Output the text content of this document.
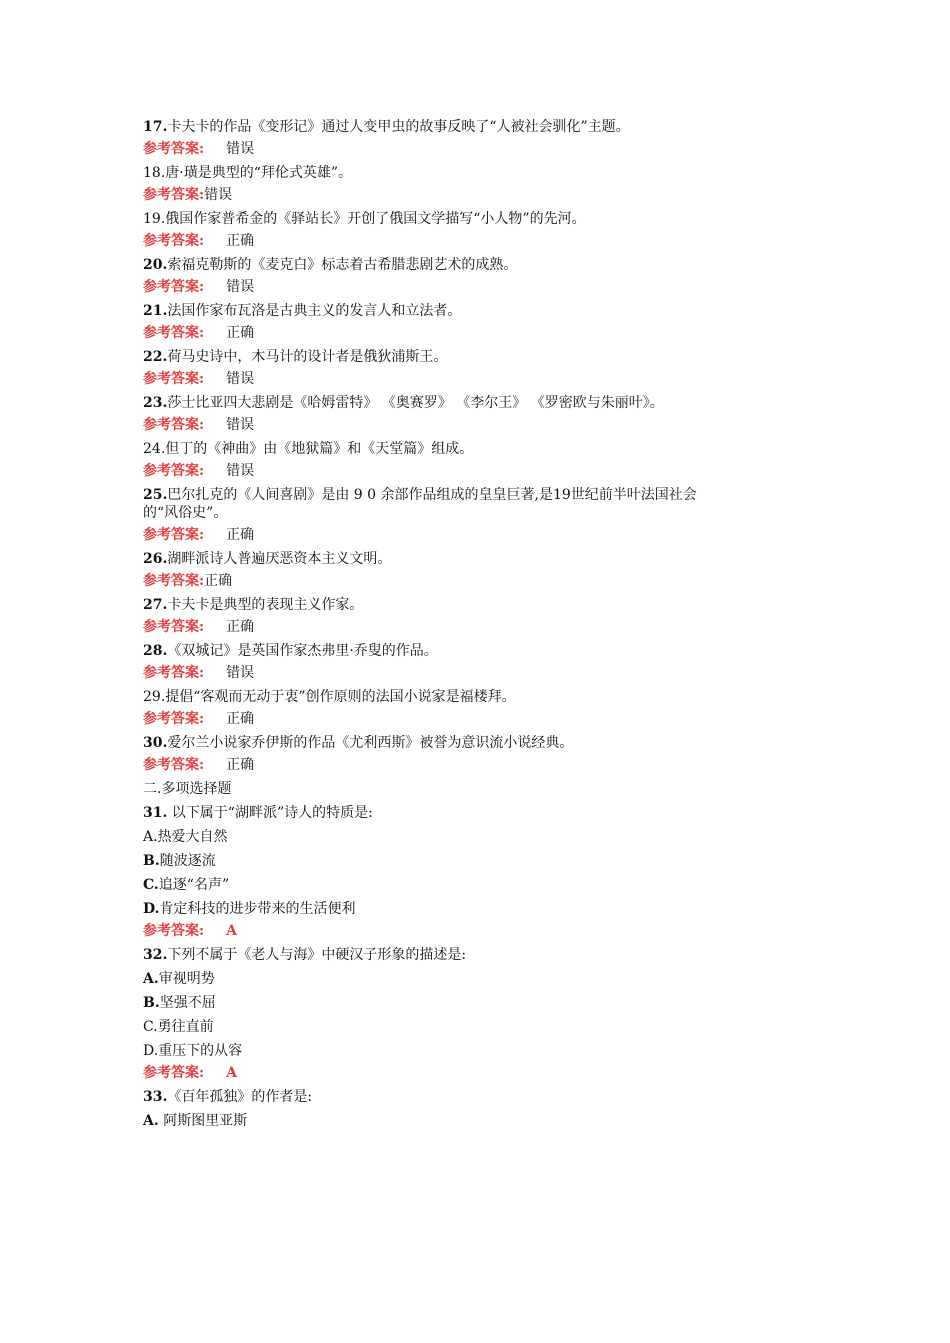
17.卡夫卡的作品《变形记》通过人变甲虫的故事反映了“人被社会驯化”主题。
参考答案: 错误
18.唐·璜是典型的“拜伦式英雄”。
参考答案:错误
19.俄国作家普希金的《驿站长》开创了俄国文学描写“小人物”的先河。
参考答案: 正确
20.索福克勒斯的《麦克白》标志着古希腊悲剧艺术的成熟。
参考答案: 错误
21.法国作家布瓦洛是古典主义的发言人和立法者。
参考答案: 正确
22.荷马史诗中，木马计的设计者是俄狄浦斯王。
参考答案: 错误
23.莎士比亚四大悲剧是《哈姆雷特》 《奥赛罗》 《李尔王》 《罗密欧与朱丽叶》。
参考答案: 错误
24.但丁的《神曲》由《地狱篇》和《天堂篇》组成。
参考答案: 错误
25.巴尔扎克的《人间喜剧》是由 9 0 余部作品组成的皇皇巨著,是19世纪前半叶法国社会
的“风俗史”。
参考答案: 正确
26.湖畔派诗人普遍厌恶资本主义文明。
参考答案:正确
27.卡夫卡是典型的表现主义作家。
参考答案: 正确
28.《双城记》是英国作家杰弗里·乔叟的作品。
参考答案: 错误
29.提倡“客观而无动于衷”创作原则的法国小说家是福楼拜。
参考答案: 正确
30.爱尔兰小说家乔伊斯的作品《尤利西斯》被誉为意识流小说经典。
参考答案: 正确
二.多项选择题
31. 以下属于“湖畔派”诗人的特质是:
A.热爱大自然
B.随波逐流
C.追逐“名声”
D.肯定科技的进步带来的生活便利
参考答案: A
32.下列不属于《老人与海》中硬汉子形象的描述是:
A.审视明势
B.坚强不屈
C.勇往直前
D.重压下的从容
参考答案: A
33.《百年孤独》的作者是:
A. 阿斯图里亚斯
